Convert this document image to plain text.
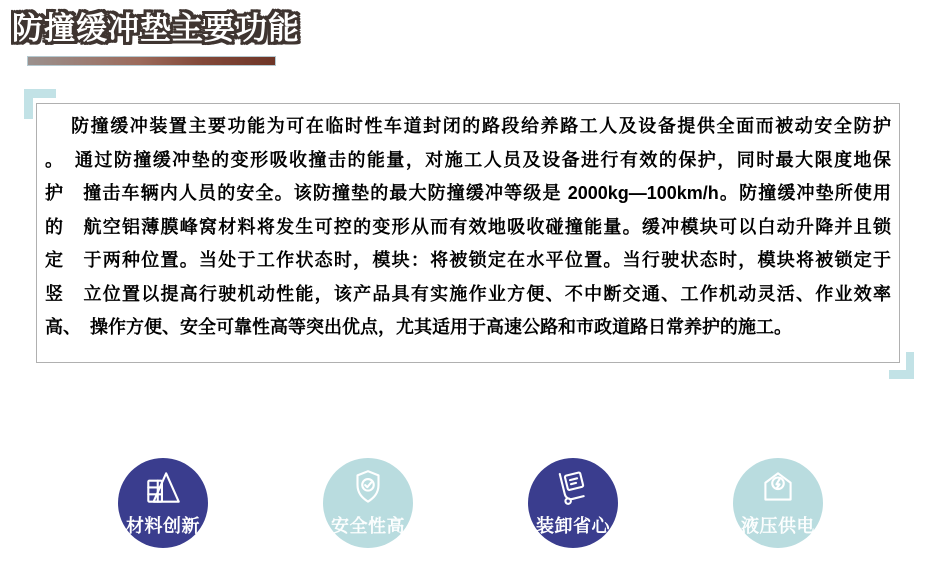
防撞缓冲垫主要功能
　 防撞缓冲装置主要功能为可在临时性车道封闭的路段给养路工人及设备提供全面而被动安全防护
。　通过防撞缓冲垫的变形吸收撞击的能量，对施工人员及设备进行有效的保护，同时最大限度地保
护　撞击车辆内人员的安全。该防撞垫的最大防撞缓冲等级是 2000kg—100km/h。防撞缓冲垫所使用
的　航空铝薄膜峰窝材料将发生可控的变形从而有效地吸收碰撞能量。缓冲模块可以白动升降并且锁
定　于两种位置。当处于工作状态时，模块：将被锁定在水平位置。当行驶状态时，模块将被锁定于
竖　立位置以提高行驶机动性能，该产品具有实施作业方便、不中断交通、工作机动灵活、作业效率
高、　操作方便、安全可靠性高等突出优点，尤其适用于高速公路和市政道路日常养护的施工。
材料创新	安全性高	装卸省心	液压供电
